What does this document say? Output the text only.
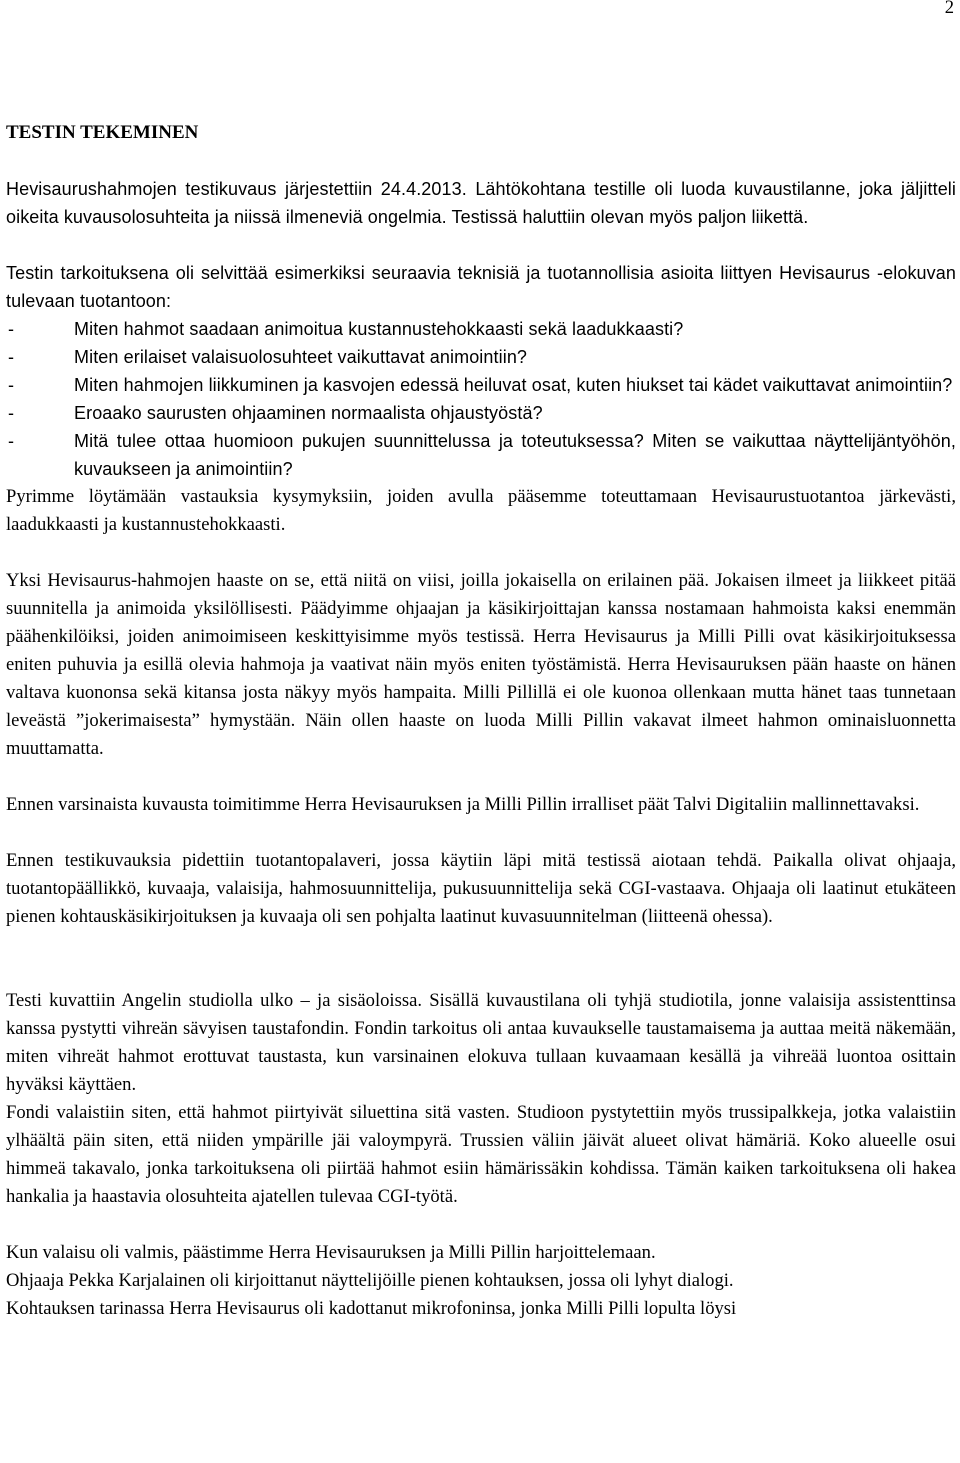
2
TESTIN TEKEMINEN

Hevisaurushahmojen testikuvaus järjestettiin 24.4.2013. Lähtökohtana testille oli luoda kuvaustilanne, joka jäljitteli oikeita kuvausolosuhteita ja niissä ilmeneviä ongelmia. Testissä haluttiin olevan myös paljon liikettä.

Testin tarkoituksena oli selvittää esimerkiksi seuraavia teknisiä ja tuotannollisia asioita liittyen Hevisaurus -elokuvan tulevaan tuotantoon:

-	Miten hahmot saadaan animoitua kustannustehokkaasti sekä laadukkaasti?
-	Miten erilaiset valaisuolosuhteet vaikuttavat animointiin?
-	Miten hahmojen liikkuminen ja kasvojen edessä heiluvat osat, kuten hiukset tai kädet vaikuttavat animointiin?
-	Eroaako saurusten ohjaaminen normaalista ohjaustyöstä?
-	Mitä tulee ottaa huomioon pukujen suunnittelussa ja toteutuksessa? Miten se vaikuttaa näyttelijäntyöhön, kuvaukseen ja animointiin?

Pyrimme löytämään vastauksia kysymyksiin, joiden avulla pääsemme toteuttamaan Hevisaurustuotantoa järkevästi, laadukkaasti ja kustannustehokkaasti.

Yksi Hevisaurus-hahmojen haaste on se, että niitä on viisi, joilla jokaisella on erilainen pää. Jokaisen ilmeet ja liikkeet pitää suunnitella ja animoida yksilöllisesti. Päädyimme ohjaajan ja käsikirjoittajan kanssa nostamaan hahmoista kaksi enemmän päähenkilöiksi, joiden animoimiseen keskittyisimme myös testissä. Herra Hevisaurus ja Milli Pilli ovat käsikirjoituksessa eniten puhuvia ja esillä olevia hahmoja ja vaativat näin myös eniten työstämistä. Herra Hevisauruksen pään haaste on hänen valtava kuononsa sekä kitansa josta näkyy myös hampaita. Milli Pillillä ei ole kuonoa ollenkaan mutta hänet taas tunnetaan leveästä ”jokerimaisesta” hymystään. Näin ollen haaste on luoda Milli Pillin vakavat ilmeet hahmon ominaisluonnetta muuttamatta.

Ennen varsinaista kuvausta toimitimme Herra Hevisauruksen ja Milli Pillin irralliset päät Talvi Digitaliin mallinnettavaksi.

Ennen testikuvauksia pidettiin tuotantopalaveri, jossa käytiin läpi mitä testissä aiotaan tehdä. Paikalla olivat ohjaaja, tuotantopäällikkö, kuvaaja, valaisija, hahmosuunnittelija, pukusuunnittelija sekä CGI-vastaava. Ohjaaja oli laatinut etukäteen pienen kohtauskäsikirjoituksen ja kuvaaja oli sen pohjalta laatinut kuvasuunnitelman (liitteenä ohessa).

Testi kuvattiin Angelin studiolla ulko – ja sisäoloissa. Sisällä kuvaustilana oli tyhjä studiotila, jonne valaisija assistenttinsa kanssa pystytti vihreän sävyisen taustafondin. Fondin tarkoitus oli antaa kuvaukselle taustamaisema ja auttaa meitä näkemään, miten vihreät hahmot erottuvat taustasta, kun varsinainen elokuva tullaan kuvaamaan kesällä ja vihreää luontoa osittain hyväksi käyttäen.

Fondi valaistiin siten, että hahmot piirtyivät siluettina sitä vasten. Studioon pystytettiin myös trussipalkkeja, jotka valaistiin ylhäältä päin siten, että niiden ympärille jäi valoympyrä. Trussien väliin jäivät alueet olivat hämäriä. Koko alueelle osui himmeä takavalo, jonka tarkoituksena oli piirtää hahmot esiin hämärissäkin kohdissa. Tämän kaiken tarkoituksena oli hakea hankalia ja haastavia olosuhteita ajatellen tulevaa CGI-työtä.

Kun valaisu oli valmis, päästimme Herra Hevisauruksen ja Milli Pillin harjoittelemaan.

Ohjaaja Pekka Karjalainen oli kirjoittanut näyttelijöille pienen kohtauksen, jossa oli lyhyt dialogi.

Kohtauksen tarinassa Herra Hevisaurus oli kadottanut mikrofoninsa, jonka Milli Pilli lopulta löysi
